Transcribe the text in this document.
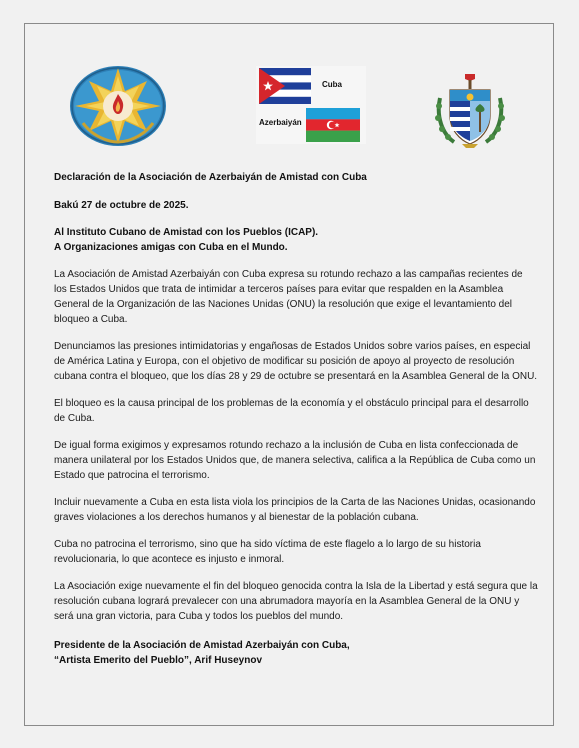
Cuba
Azerbaiyán

Declaración de la Asociación de Azerbaiyán de Amistad con Cuba

Bakú 27 de octubre de 2025.

Al Instituto Cubano de Amistad con los Pueblos (ICAP).

A Organizaciones amigas con Cuba en el Mundo.

La Asociación de Amistad Azerbaiyán con Cuba expresa su rotundo rechazo a las campañas recientes de los Estados Unidos que trata de intimidar a terceros países para evitar que respalden en la Asamblea General de la Organización de las Naciones Unidas (ONU) la resolución que exige el levantamiento del bloqueo a Cuba.

Denunciamos las presiones intimidatorias y engañosas de Estados Unidos sobre varios países, en especial de América Latina y Europa, con el objetivo de modificar su posición de apoyo al proyecto de resolución cubana contra el bloqueo, que los días 28 y 29 de octubre se presentará en la Asamblea General de la ONU.

El bloqueo es la causa principal de los problemas de la economía y el obstáculo principal para el desarrollo de Cuba.

De igual forma exigimos y expresamos rotundo rechazo a la inclusión de Cuba en lista confeccionada de manera unilateral por los Estados Unidos que, de manera selectiva, califica a la República de Cuba como un Estado que patrocina el terrorismo.

Incluir nuevamente a Cuba en esta lista viola los principios de la Carta de las Naciones Unidas, ocasionando graves violaciones a los derechos humanos y al bienestar de la población cubana.

Cuba no patrocina el terrorismo, sino que ha sido víctima de este flagelo a lo largo de su historia revolucionaria, lo que acontece es injusto e inmoral.

La Asociación exige nuevamente el fin del bloqueo genocida contra la Isla de la Libertad y está segura que la resolución cubana logrará prevalecer con una abrumadora mayoría en la Asamblea General de la ONU y será una gran victoria, para Cuba y todos los pueblos del mundo.

Presidente de la Asociación de Amistad Azerbaiyán con Cuba,

“Artista Emerito del Pueblo”, Arif Huseynov
